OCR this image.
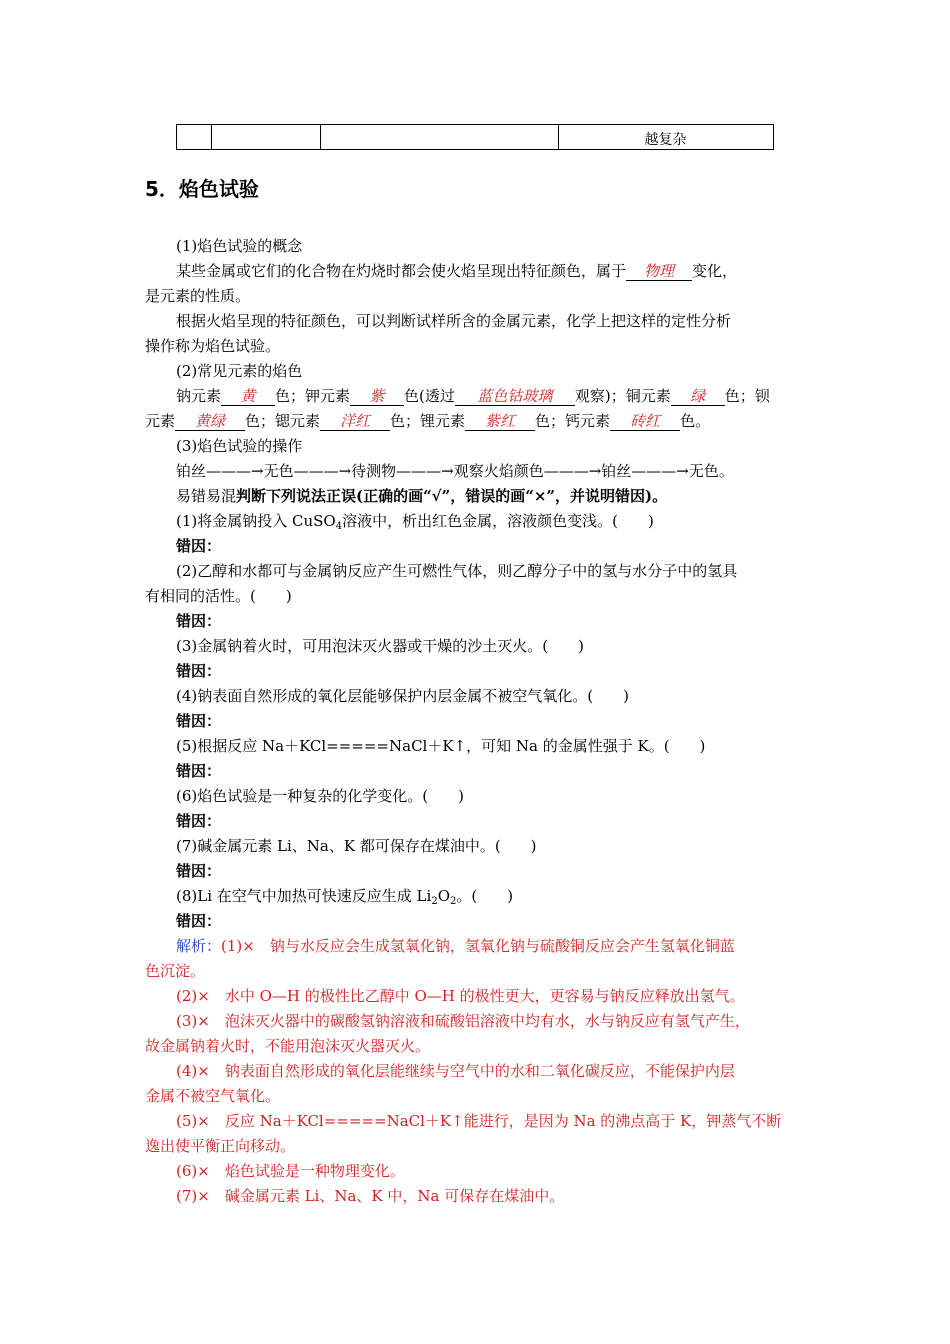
越复杂
5．焰色试验
(1)焰色试验的概念
某些金属或它们的化合物在灼烧时都会使火焰呈现出特征颜色，属于 物理 变化，
是元素的性质。
根据火焰呈现的特征颜色，可以判断试样所含的金属元素，化学上把这样的定性分析
操作称为焰色试验。
(2)常见元素的焰色
钠元素 黄 色；钾元素 紫 色(透过 蓝色钴玻璃 观察)；铜元素 绿 色；钡
元素 黄绿 色；锶元素 洋红 色；锂元素 紫红 色；钙元素 砖红 色。
(3)焰色试验的操作
铂丝———→无色———→待测物———→观察火焰颜色———→铂丝———→无色。
易错易混判断下列说法正误(正确的画“√”，错误的画“×”，并说明错因)。
(1)将金属钠投入 CuSO$_4$溶液中，析出红色金属，溶液颜色变浅。(　　)
错因：
(2)乙醇和水都可与金属钠反应产生可燃性气体，则乙醇分子中的氢与水分子中的氢具
有相同的活性。(　　)
错因：
(3)金属钠着火时，可用泡沫灭火器或干燥的沙土灭火。(　　)
错因：
(4)钠表面自然形成的氧化层能够保护内层金属不被空气氧化。(　　)
错因：
(5)根据反应 Na＋KCl=====NaCl＋K↑，可知 Na 的金属性强于 K。(　　)
错因：
(6)焰色试验是一种复杂的化学变化。(　　)
错因：
(7)碱金属元素 Li、Na、K 都可保存在煤油中。(　　)
错因：
(8)Li 在空气中加热可快速反应生成 $Li_2O_2$。(　　)
错因：
解析：(1)×　钠与水反应会生成氢氧化钠，氢氧化钠与硫酸铜反应会产生氢氧化铜蓝
色沉淀。
(2)×　水中 O—H 的极性比乙醇中 O—H 的极性更大，更容易与钠反应释放出氢气。
(3)×　泡沫灭火器中的碳酸氢钠溶液和硫酸铝溶液中均有水，水与钠反应有氢气产生，
故金属钠着火时，不能用泡沫灭火器灭火。
(4)×　钠表面自然形成的氧化层能继续与空气中的水和二氧化碳反应，不能保护内层
金属不被空气氧化。
(5)×　反应 Na＋KCl=====NaCl＋K↑能进行，是因为 Na 的沸点高于 K，钾蒸气不断
逸出使平衡正向移动。
(6)×　焰色试验是一种物理变化。
(7)×　碱金属元素 Li、Na、K 中，Na 可保存在煤油中。
